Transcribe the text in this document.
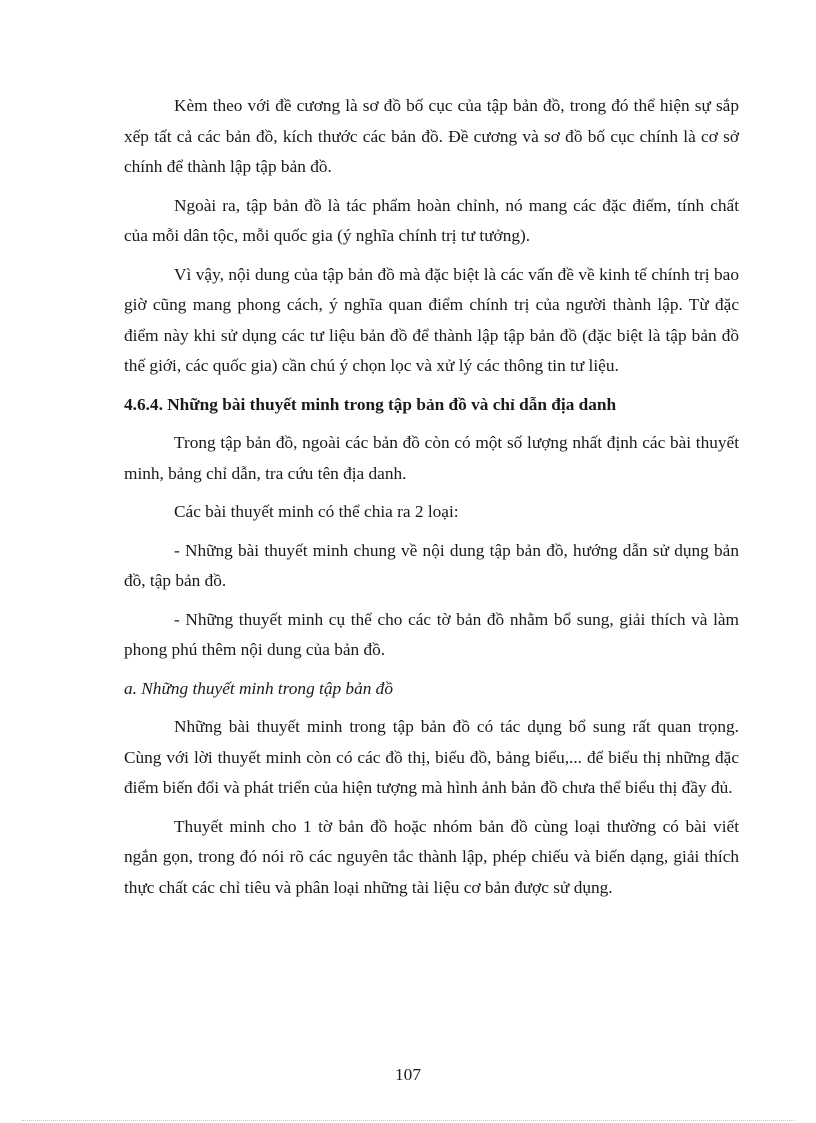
Kèm theo với đề cương là sơ đồ bố cục của tập bản đồ, trong đó thể hiện sự sắp xếp tất cả các bản đồ, kích thước các bản đồ. Đề cương và sơ đồ bố cục chính là cơ sở chính để thành lập tập bản đồ.

Ngoài ra, tập bản đồ là tác phẩm hoàn chỉnh, nó mang các đặc điểm, tính chất của mỗi dân tộc, mỗi quốc gia (ý nghĩa chính trị tư tưởng).

Vì vậy, nội dung của tập bản đồ mà đặc biệt là các vấn đề về kinh tế chính trị bao giờ cũng mang phong cách, ý nghĩa quan điểm chính trị của người thành lập. Từ đặc điểm này khi sử dụng các tư liệu bản đồ để thành lập tập bản đồ (đặc biệt là tập bản đồ thế giới, các quốc gia) cần chú ý chọn lọc và xử lý các thông tin tư liệu.

4.6.4. Những bài thuyết minh trong tập bản đồ và chỉ dẫn địa danh

Trong tập bản đồ, ngoài các bản đồ còn có một số lượng nhất định các bài thuyết minh, bảng chỉ dẫn, tra cứu tên địa danh.

Các bài thuyết minh có thể chia ra 2 loại:

- Những bài thuyết minh chung về nội dung tập bản đồ, hướng dẫn sử dụng bản đồ, tập bản đồ.

- Những thuyết minh cụ thể cho các tờ bản đồ nhằm bổ sung, giải thích và làm phong phú thêm nội dung của bản đồ.

a. Những thuyết minh trong tập bản đồ

Những bài thuyết minh trong tập bản đồ có tác dụng bổ sung rất quan trọng. Cùng với lời thuyết minh còn có các đồ thị, biểu đồ, bảng biểu,... để biểu thị những đặc điểm biến đổi và phát triển của hiện tượng mà hình ảnh bản đồ chưa thể biểu thị đầy đủ.

Thuyết minh cho 1 tờ bản đồ hoặc nhóm bản đồ cùng loại thường có bài viết ngắn gọn, trong đó nói rõ các nguyên tắc thành lập, phép chiếu và biến dạng, giải thích thực chất các chỉ tiêu và phân loại những tài liệu cơ bản được sử dụng.

107
